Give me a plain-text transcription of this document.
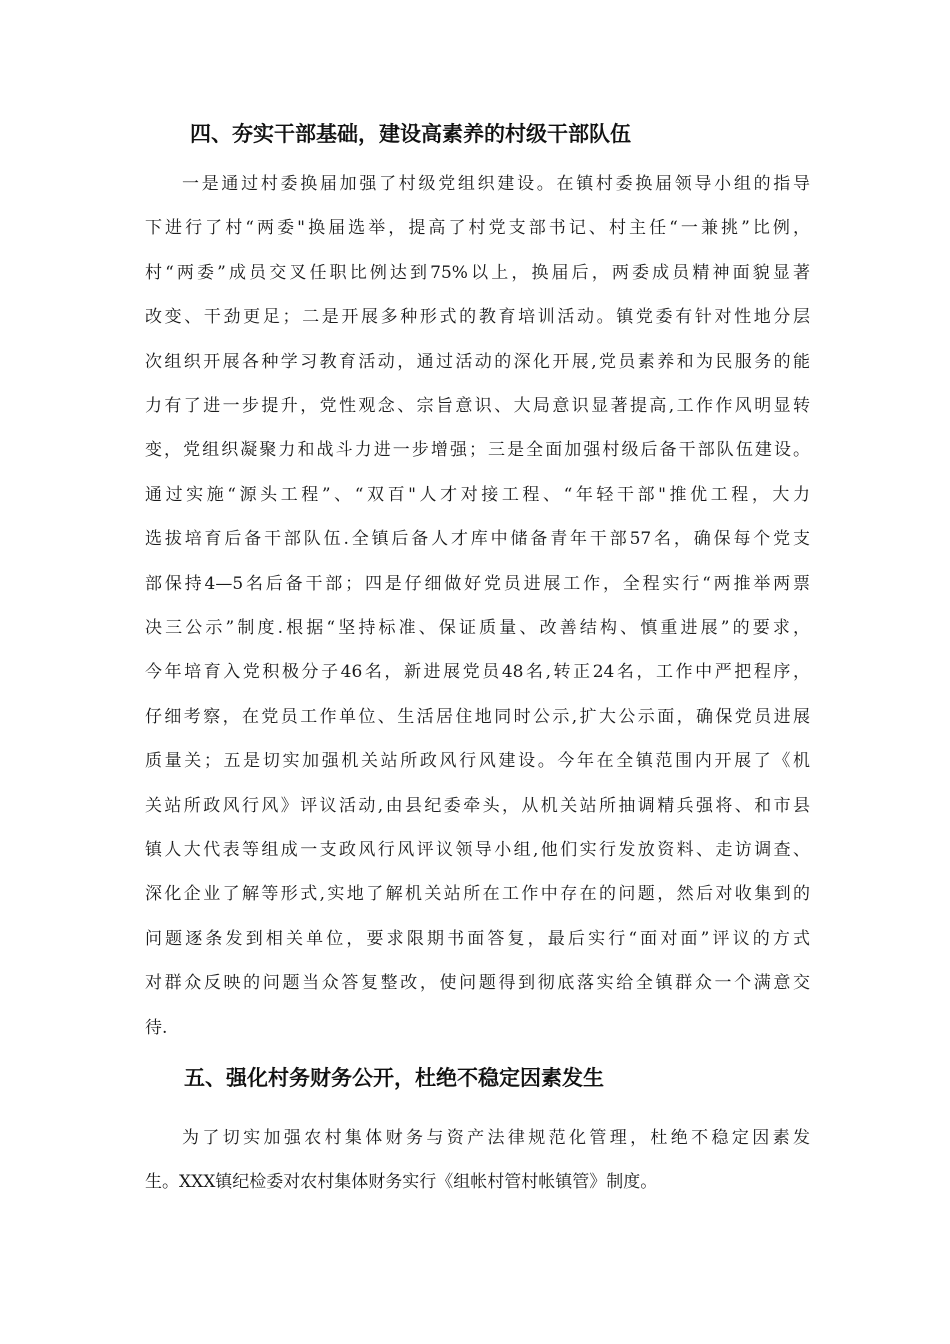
四、夯实干部基础，建设高素养的村级干部队伍
一是通过村委换届加强了村级党组织建设。在镇村委换届领导小组的指导
下进行了村“两委"换届选举，提高了村党支部书记、村主任“一兼挑”比例，
村“两委”成员交叉任职比例达到75%以上，换届后，两委成员精神面貌显著
改变、干劲更足；二是开展多种形式的教育培训活动。镇党委有针对性地分层
次组织开展各种学习教育活动，通过活动的深化开展,党员素养和为民服务的能
力有了进一步提升，党性观念、宗旨意识、大局意识显著提高,工作作风明显转
变，党组织凝聚力和战斗力进一步增强；三是全面加强村级后备干部队伍建设。
通过实施“源头工程”、“双百"人才对接工程、“年轻干部"推优工程，大力
选拔培育后备干部队伍.全镇后备人才库中储备青年干部57名，确保每个党支
部保持4—5名后备干部；四是仔细做好党员进展工作，全程实行“两推举两票
决三公示”制度.根据“坚持标准、保证质量、改善结构、慎重进展”的要求，
今年培育入党积极分子46名，新进展党员48名,转正24名，工作中严把程序，
仔细考察，在党员工作单位、生活居住地同时公示,扩大公示面，确保党员进展
质量关；五是切实加强机关站所政风行风建设。今年在全镇范围内开展了《机
关站所政风行风》评议活动,由县纪委牵头，从机关站所抽调精兵强将、和市县
镇人大代表等组成一支政风行风评议领导小组,他们实行发放资料、走访调查、
深化企业了解等形式,实地了解机关站所在工作中存在的问题，然后对收集到的
问题逐条发到相关单位，要求限期书面答复，最后实行“面对面”评议的方式
对群众反映的问题当众答复整改，使问题得到彻底落实给全镇群众一个满意交
待.
五、强化村务财务公开，杜绝不稳定因素发生
为了切实加强农村集体财务与资产法律规范化管理，杜绝不稳定因素发
生。XXX镇纪检委对农村集体财务实行《组帐村管村帐镇管》制度。
